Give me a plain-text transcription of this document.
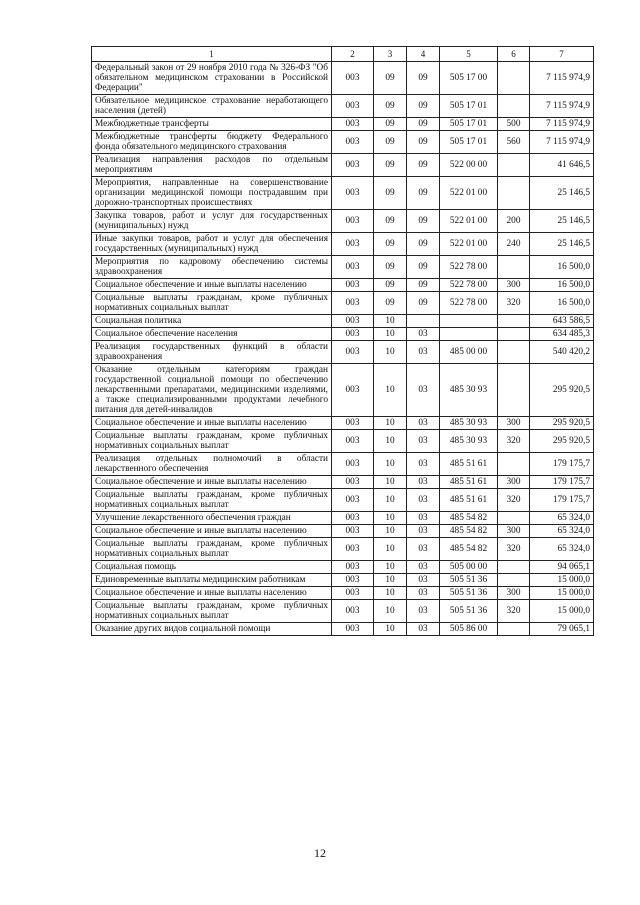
1	2	3	4	5	6	7
Федеральный закон от 29 ноября 2010 года № 326-ФЗ "Об обязательном медицинском страховании в Российской Федерации"	003	09	09	505 17 00		7 115 974,9
Обязательное медицинское страхование неработающего населения (детей)	003	09	09	505 17 01		7 115 974,9
Межбюджетные трансферты	003	09	09	505 17 01	500	7 115 974,9
Межбюджетные трансферты бюджету Федерального фонда обязательного медицинского страхования	003	09	09	505 17 01	560	7 115 974,9
Реализация направления расходов по отдельным мероприятиям	003	09	09	522 00 00		41 646,5
Мероприятия, направленные на совершенствование организации медицинской помощи пострадавшим при дорожно-транспортных происшествиях	003	09	09	522 01 00		25 146,5
Закупка товаров, работ и услуг для государственных (муниципальных) нужд	003	09	09	522 01 00	200	25 146,5
Иные закупки товаров, работ и услуг для обеспечения государственных (муниципальных) нужд	003	09	09	522 01 00	240	25 146,5
Мероприятия по кадровому обеспечению системы здравоохранения	003	09	09	522 78 00		16 500,0
Социальное обеспечение и иные выплаты населению	003	09	09	522 78 00	300	16 500,0
Социальные выплаты гражданам, кроме публичных нормативных социальных выплат	003	09	09	522 78 00	320	16 500,0
Социальная политика	003	10				643 586,5
Социальное обеспечение населения	003	10	03			634 485,3
Реализация государственных функций в области здравоохранения	003	10	03	485 00 00		540 420,2
Оказание отдельным категориям граждан государственной социальной помощи по обеспечению лекарственными препаратами, медицинскими изделиями, а также специализированными продуктами лечебного питания для детей-инвалидов	003	10	03	485 30 93		295 920,5
Социальное обеспечение и иные выплаты населению	003	10	03	485 30 93	300	295 920,5
Социальные выплаты гражданам, кроме публичных нормативных социальных выплат	003	10	03	485 30 93	320	295 920,5
Реализация отдельных полномочий в области лекарственного обеспечения	003	10	03	485 51 61		179 175,7
Социальное обеспечение и иные выплаты населению	003	10	03	485 51 61	300	179 175,7
Социальные выплаты гражданам, кроме публичных нормативных социальных выплат	003	10	03	485 51 61	320	179 175,7
Улучшение лекарственного обеспечения граждан	003	10	03	485 54 82		65 324,0
Социальное обеспечение и иные выплаты населению	003	10	03	485 54 82	300	65 324,0
Социальные выплаты гражданам, кроме публичных нормативных социальных выплат	003	10	03	485 54 82	320	65 324,0
Социальная помощь	003	10	03	505 00 00		94 065,1
Единовременные выплаты медицинским работникам	003	10	03	505 51 36		15 000,0
Социальное обеспечение и иные выплаты населению	003	10	03	505 51 36	300	15 000,0
Социальные выплаты гражданам, кроме публичных нормативных социальных выплат	003	10	03	505 51 36	320	15 000,0
Оказание других видов социальной помощи	003	10	03	505 86 00		79 065,1
12
